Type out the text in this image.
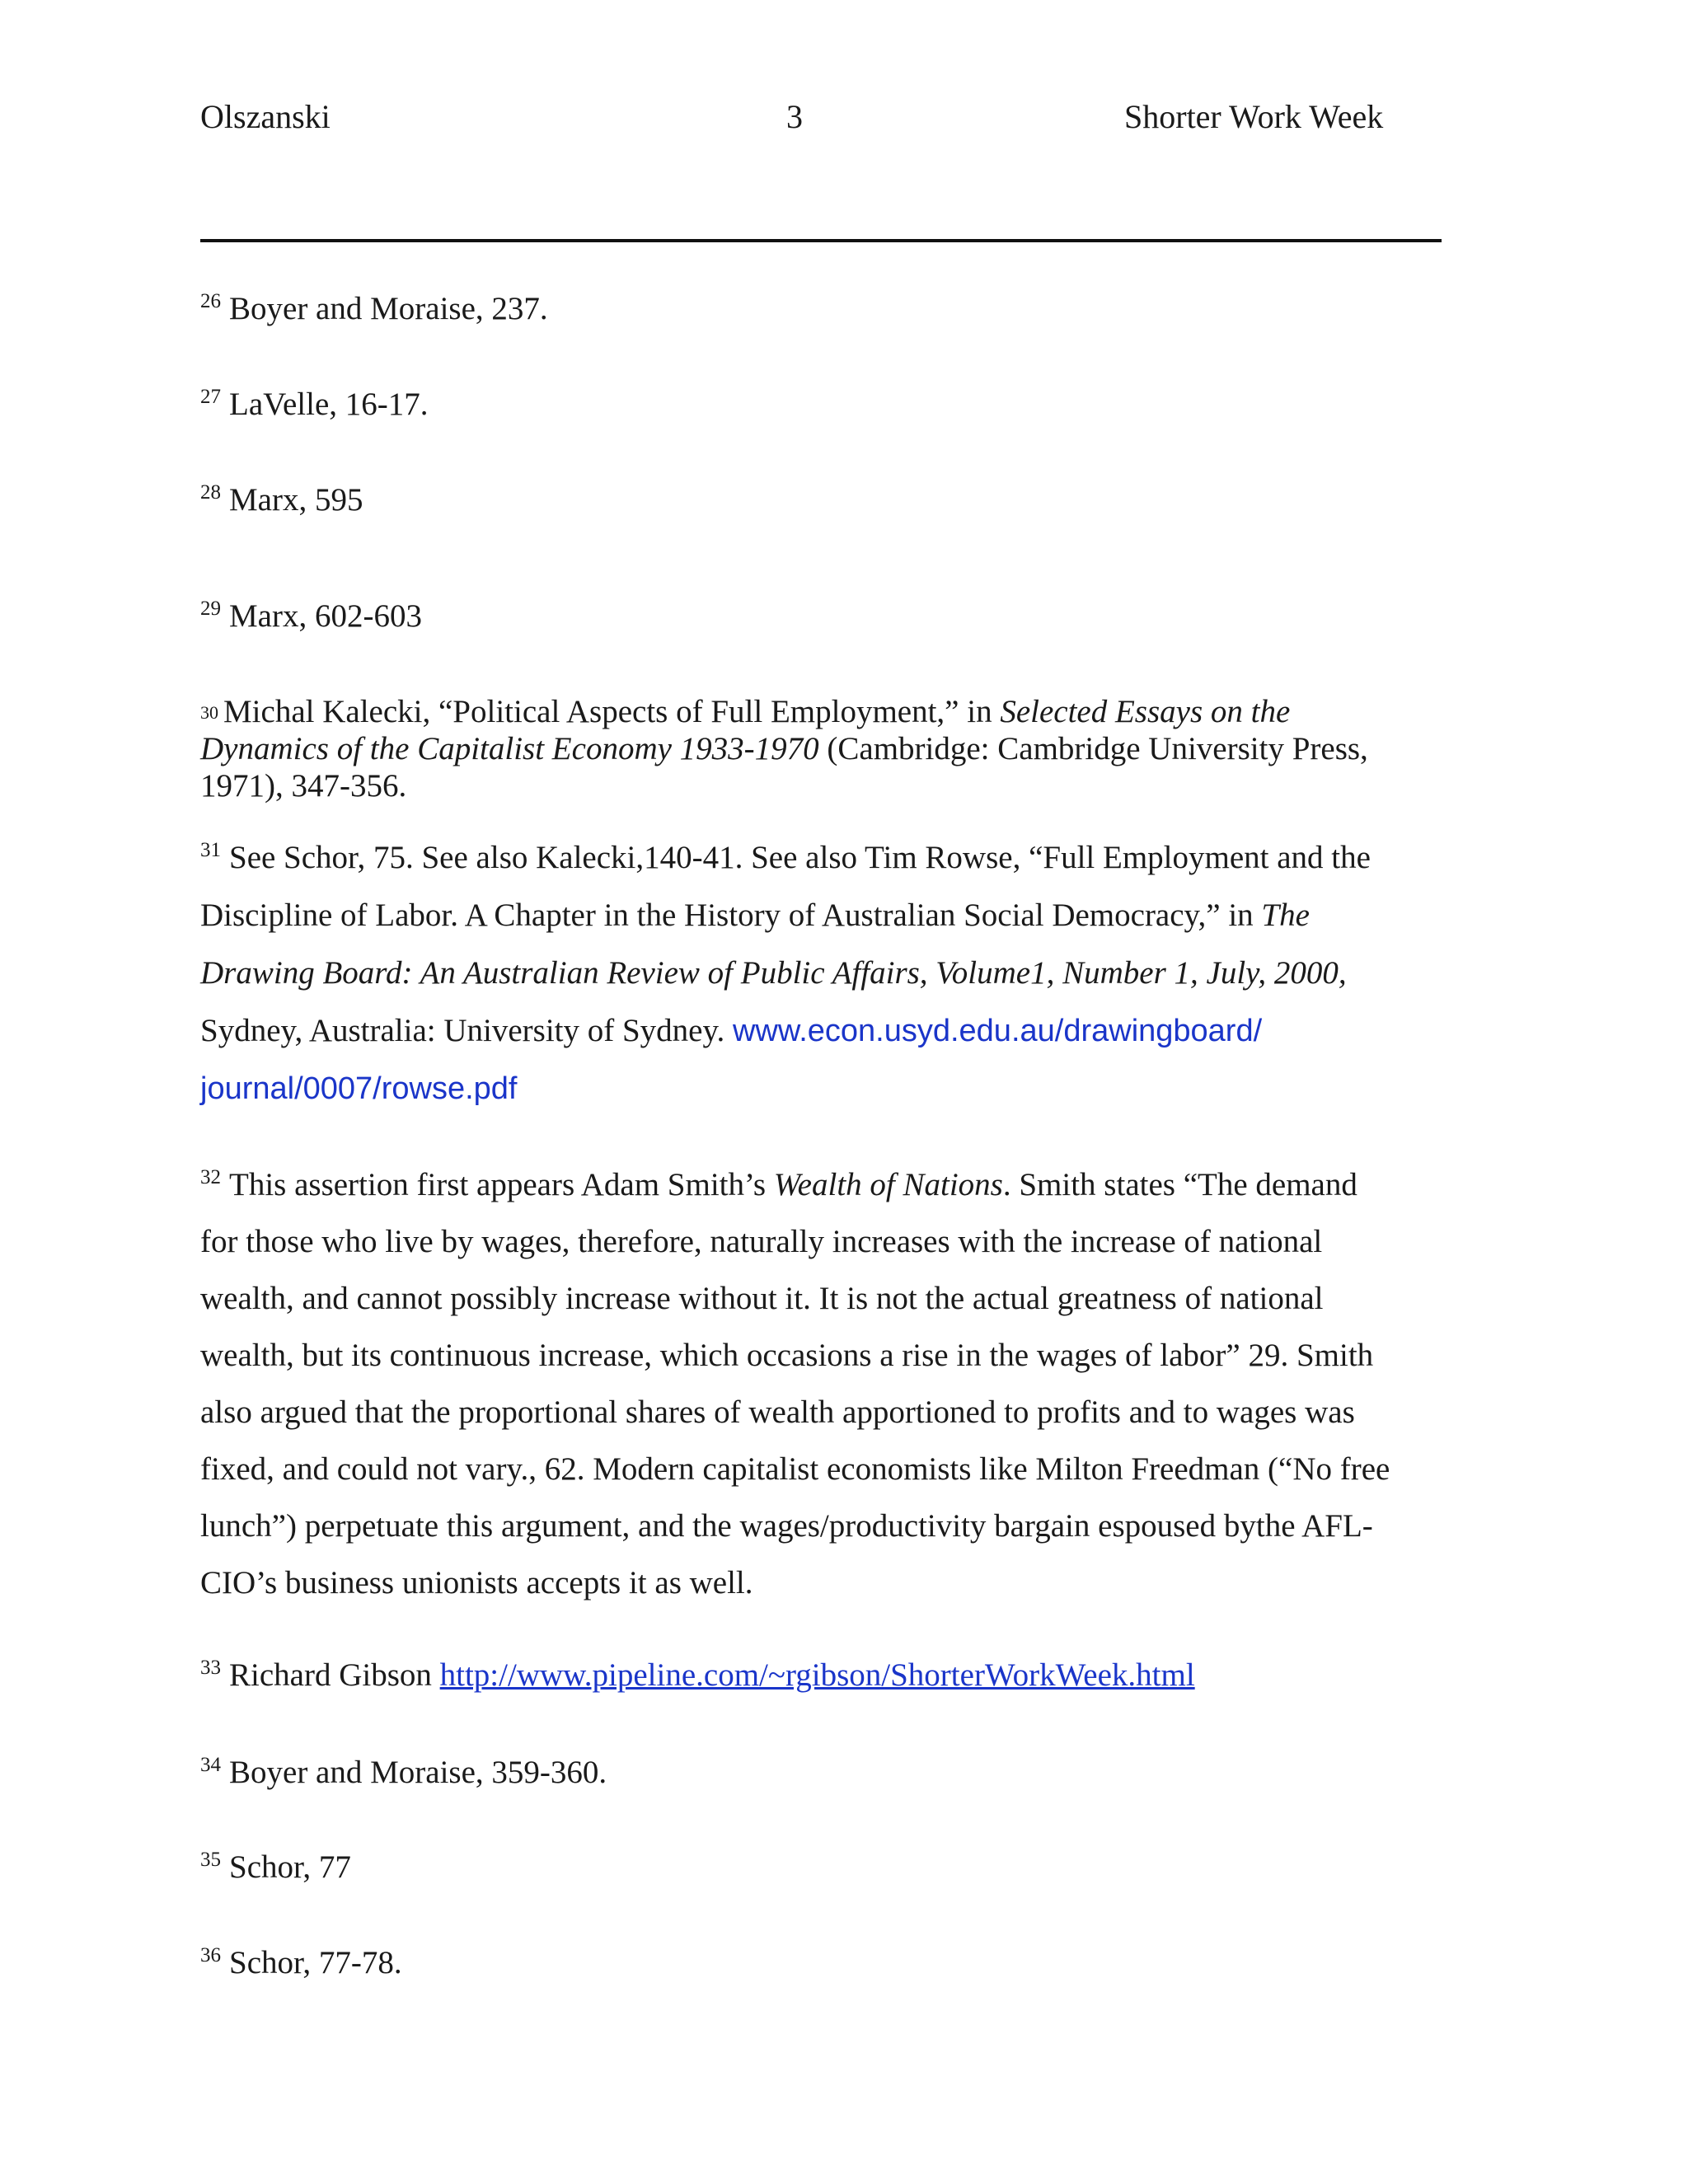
Olszanski	3	Shorter Work Week
$^{26}$ Boyer and Moraise, 237.
$^{27}$ LaVelle, 16-17.
$^{28}$ Marx, 595
$^{29}$ Marx, 602-603
30 Michal Kalecki, “Political Aspects of Full Employment,” in Selected Essays on the
Dynamics of the Capitalist Economy 1933-1970 (Cambridge: Cambridge University Press,
1971), 347-356.
$^{31}$ See Schor, 75. See also Kalecki,140-41. See also Tim Rowse, “Full Employment and the
Discipline of Labor. A Chapter in the History of Australian Social Democracy,” in The
Drawing Board: An Australian Review of Public Affairs, Volume1, Number 1, July, 2000,
Sydney, Australia: University of Sydney. www.econ.usyd.edu.au/drawingboard/
journal/0007/rowse.pdf
$^{32}$ This assertion first appears Adam Smith’s Wealth of Nations. Smith states “The demand
for those who live by wages, therefore, naturally increases with the increase of national
wealth, and cannot possibly increase without it. It is not the actual greatness of national
wealth, but its continuous increase, which occasions a rise in the wages of labor” 29. Smith
also argued that the proportional shares of wealth apportioned to profits and to wages was
fixed, and could not vary., 62. Modern capitalist economists like Milton Freedman (“No free
lunch”) perpetuate this argument, and the wages/productivity bargain espoused bythe AFL-
CIO’s business unionists accepts it as well.
$^{33}$ Richard Gibson http://www.pipeline.com/~rgibson/ShorterWorkWeek.html
$^{34}$ Boyer and Moraise, 359-360.
$^{35}$ Schor, 77
$^{36}$ Schor, 77-78.
